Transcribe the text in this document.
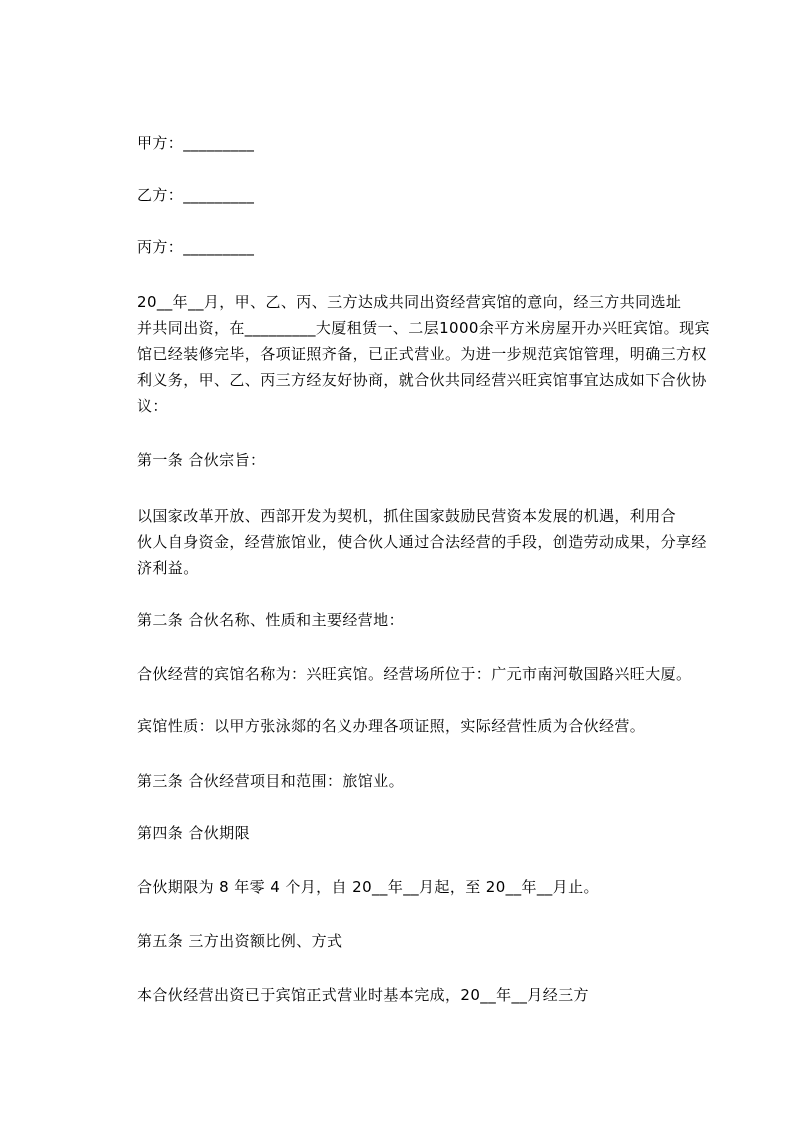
甲方：_________
乙方：_________
丙方：_________
20__年__月，甲、乙、丙、三方达成共同出资经营宾馆的意向，经三方共同选址
并共同出资，在_________大厦租赁一、二层1000余平方米房屋开办兴旺宾馆。现宾
馆已经装修完毕，各项证照齐备，已正式营业。为进一步规范宾馆管理，明确三方权
利义务，甲、乙、丙三方经友好协商，就合伙共同经营兴旺宾馆事宜达成如下合伙协
议：
第一条 合伙宗旨：
以国家改革开放、西部开发为契机，抓住国家鼓励民营资本发展的机遇，利用合
伙人自身资金，经营旅馆业，使合伙人通过合法经营的手段，创造劳动成果，分享经
济利益。
第二条 合伙名称、性质和主要经营地：
合伙经营的宾馆名称为：兴旺宾馆。经营场所位于：广元市南河敬国路兴旺大厦。
宾馆性质：以甲方张泳郯的名义办理各项证照，实际经营性质为合伙经营。
第三条 合伙经营项目和范围：旅馆业。
第四条 合伙期限
合伙期限为 8 年零 4 个月，自 20__年__月起，至 20__年__月止。
第五条 三方出资额比例、方式
本合伙经营出资已于宾馆正式营业时基本完成，20__年__月经三方
